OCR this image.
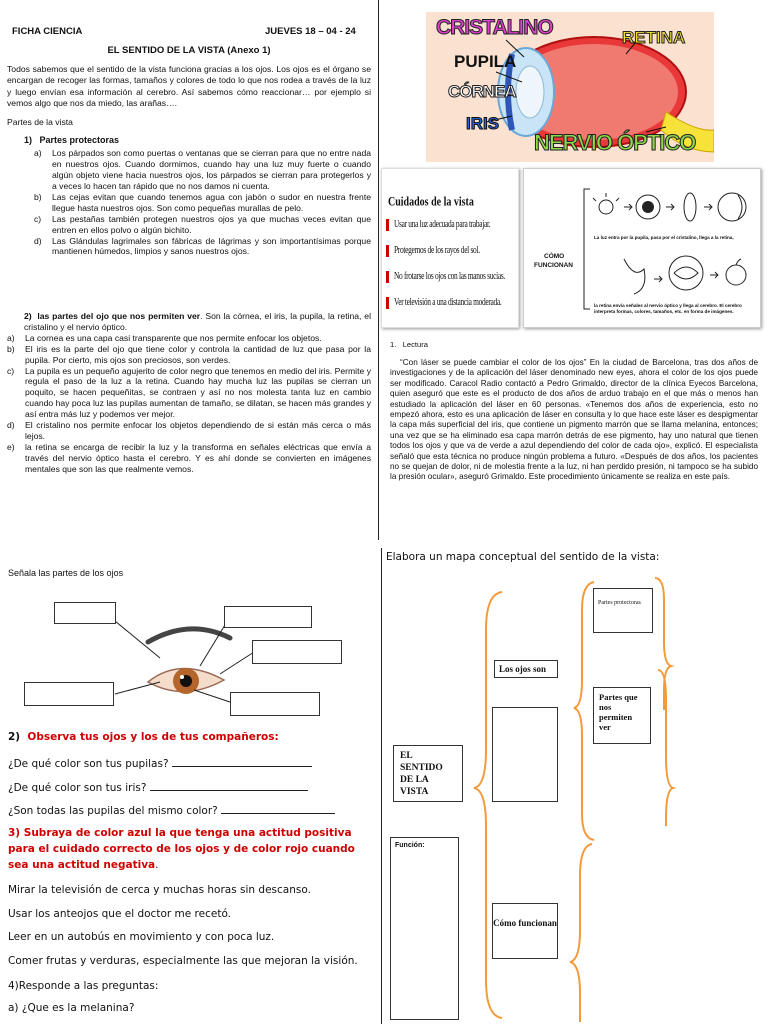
FICHA CIENCIA	JUEVES 18 – 04 - 24
EL SENTIDO DE LA VISTA (Anexo 1)
Todos sabemos que el sentido de la vista funciona gracias a los ojos. Los ojos es el órgano se encargan de recoger las formas, tamaños y colores de todo lo que nos rodea a través de la luz y luego envían esa información al cerebro. Así sabemos cómo reaccionar… por ejemplo si vemos algo que nos da miedo, las arañas….
Partes de la vista
1) Partes protectoras
a)	Los párpados son como puertas o ventanas que se cierran para que no entre nada en nuestros ojos. Cuando dormimos, cuando hay una luz muy fuerte o cuando algún objeto viene hacia nuestros ojos, los párpados se cierran para protegerlos y a veces lo hacen tan rápido que no nos damos ni cuenta.
b)	Las cejas evitan que cuando tenemos agua con jabón o sudor en nuestra frente llegue hasta nuestros ojos. Son como pequeñas murallas de pelo.
c)	Las pestañas también protegen nuestros ojos ya que muchas veces evitan que entren en ellos polvo o algún bichito.
d)	Las Glándulas lagrimales son fábricas de lágrimas y son importantísimas porque mantienen húmedos, limpios y sanos nuestros ojos.
2) las partes del ojo que nos permiten ver. Son la córnea, el iris, la pupila, la retina, el cristalino y el nervio óptico.
a)	La cornea es una capa casi transparente que nos permite enfocar los objetos.
b)	El iris es la parte del ojo que tiene color y controla la cantidad de luz que pasa por la pupila. Por cierto, mis ojos son preciosos, son verdes.
c)	La pupila es un pequeño agujerito de color negro que tenemos en medio del iris. Permite y regula el paso de la luz a la retina. Cuando hay mucha luz las pupilas se cierran un poquito, se hacen pequeñitas, se contraen y así no nos molesta tanta luz en cambio cuando hay poca luz las pupilas aumentan de tamaño, se dilatan, se hacen más grandes y así entra más luz y podemos ver mejor.
d)	El cristalino nos permite enfocar los objetos dependiendo de si están más cerca o más lejos.
e)	la retina se encarga de recibir la luz y la transforma en señales eléctricas que envía a través del nervio óptico hasta el cerebro. Y es ahí donde se convierten en imágenes mentales que son las que realmente vemos.
CRISTALINO	RETINA
PUPILA
CÓRNEA
IRIS
NERVIO ÓPTICO
Cuidados de la vista
Usar una luz adecuada para trabajar.
Protegernos de los rayos del sol.
No frotarse los ojos con las manos sucias.
Ver televisión a una distancia moderada.
CÓMO
FUNCIONAN
La luz entra por la pupila, pasa por el cristalino, llega a la retina,
la retina envía señales al nervio óptico y llega al cerebro. El cerebro interpreta formas, colores, tamaños, etc. en forma de imágenes.
1. Lectura
“Con láser se puede cambiar el color de los ojos” En la ciudad de Barcelona, tras dos años de investigaciones y de la aplicación del láser denominado new eyes, ahora el color de los ojos puede ser modificado. Caracol Radio contactó a Pedro Grimaldo, director de la clínica Eyecos Barcelona, quien aseguró que este es el producto de dos años de arduo trabajo en el que más o menos han estudiado la aplicación del láser en 60 personas. «Tenemos dos años de experiencia, esto no empezó ahora, esto es una aplicación de láser en consulta y lo que hace este láser es despigmentar la capa más superficial del iris, que contiene un pigmento marrón que se llama melanina, entonces; una vez que se ha eliminado esa capa marrón detrás de ese pigmento, hay uno natural que tienen todos los ojos y que va de verde a azul dependiendo del color de cada ojo», explicó. El especialista señaló que esta técnica no produce ningún problema a futuro. «Después de dos años, los pacientes no se quejan de dolor, ni de molestia frente a la luz, ni han perdido presión, ni tampoco se ha subido la presión ocular», aseguró Grimaldo. Este procedimiento únicamente se realiza en este país.
Señala las partes de los ojos
2) Observa tus ojos y los de tus compañeros:
¿De qué color son tus pupilas?
¿De qué color son tus iris?
¿Son todas las pupilas del mismo color?
3) Subraya de color azul la que tenga una actitud positiva para el cuidado correcto de los ojos y de color rojo cuando sea una actitud negativa.
Mirar la televisión de cerca y muchas horas sin descanso.
Usar los anteojos que el doctor me recetó.
Leer en un autobús en movimiento y con poca luz.
Comer frutas y verduras, especialmente las que mejoran la visión.
4)Responde a las preguntas:
a) ¿Que es la melanina?
Elabora un mapa conceptual del sentido de la vista:
EL SENTIDO DE LA VISTA
Los ojos son
Partes protectoras
Partes que nos permiten ver
Función:
Cómo funcionan
